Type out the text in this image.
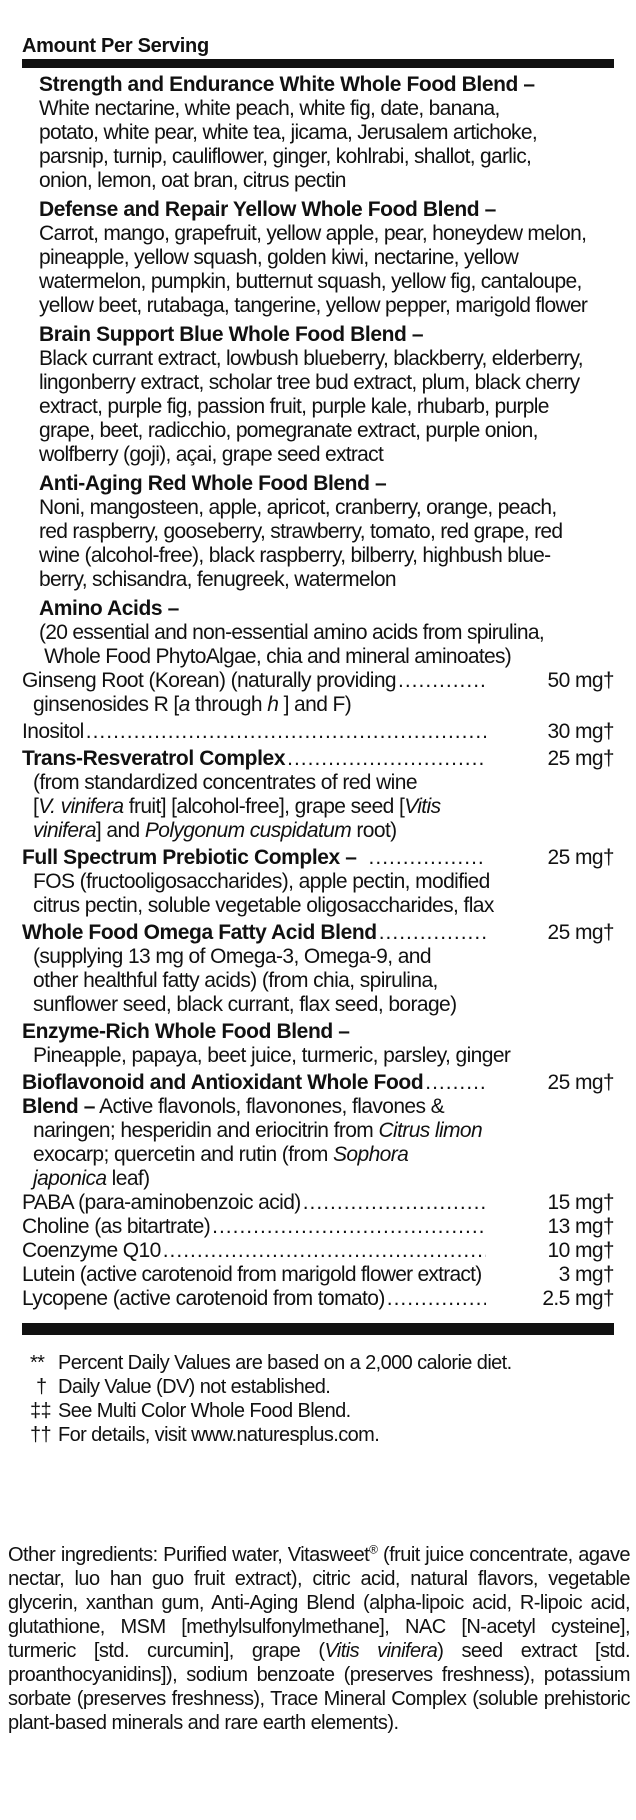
Amount Per Serving
Strength and Endurance White Whole Food Blend –
White nectarine, white peach, white fig, date, banana,
potato, white pear, white tea, jicama, Jerusalem artichoke,
parsnip, turnip, cauliflower, ginger, kohlrabi, shallot, garlic,
onion, lemon, oat bran, citrus pectin
Defense and Repair Yellow Whole Food Blend –
Carrot, mango, grapefruit, yellow apple, pear, honeydew melon,
pineapple, yellow squash, golden kiwi, nectarine, yellow
watermelon, pumpkin, butternut squash, yellow fig, cantaloupe,
yellow beet, rutabaga, tangerine, yellow pepper, marigold flower
Brain Support Blue Whole Food Blend –
Black currant extract, lowbush blueberry, blackberry, elderberry,
lingonberry extract, scholar tree bud extract, plum, black cherry
extract, purple fig, passion fruit, purple kale, rhubarb, purple
grape, beet, radicchio, pomegranate extract, purple onion,
wolfberry (goji), açai, grape seed extract
Anti-Aging Red Whole Food Blend –
Noni, mangosteen, apple, apricot, cranberry, orange, peach,
red raspberry, gooseberry, strawberry, tomato, red grape, red
wine (alcohol-free), black raspberry, bilberry, highbush blue-
berry, schisandra, fenugreek, watermelon
Amino Acids –
(20 essential and non-essential amino acids from spirulina,
Whole Food PhytoAlgae, chia and mineral aminoates)
Ginseng Root (Korean) (naturally providing .....	50 mg†
ginsenosides R [a through h ] and F)
Inositol .....	30 mg†
Trans-Resveratrol Complex .....	25 mg†
(from standardized concentrates of red wine
[V. vinifera fruit] [alcohol-free], grape seed [Vitis
vinifera] and Polygonum cuspidatum root)
Full Spectrum Prebiotic Complex – .....	25 mg†
FOS (fructooligosaccharides), apple pectin, modified
citrus pectin, soluble vegetable oligosaccharides, flax
Whole Food Omega Fatty Acid Blend .....	25 mg†
(supplying 13 mg of Omega-3, Omega-9, and
other healthful fatty acids) (from chia, spirulina,
sunflower seed, black currant, flax seed, borage)
Enzyme-Rich Whole Food Blend –
Pineapple, papaya, beet juice, turmeric, parsley, ginger
Bioflavonoid and Antioxidant Whole Food .....	25 mg†
Blend – Active flavonols, flavonones, flavones &
naringen; hesperidin and eriocitrin from Citrus limon
exocarp; quercetin and rutin (from Sophora
japonica leaf)
PABA (para-aminobenzoic acid) .....	15 mg†
Choline (as bitartrate) .....	13 mg†
Coenzyme Q10 .....	10 mg†
Lutein (active carotenoid from marigold flower extract)	3 mg†
Lycopene (active carotenoid from tomato) .....	2.5 mg†
** Percent Daily Values are based on a 2,000 calorie diet.
† Daily Value (DV) not established.
‡‡ See Multi Color Whole Food Blend.
†† For details, visit www.naturesplus.com.
Other ingredients: Purified water, Vitasweet® (fruit juice concentrate, agave nectar, luo han guo fruit extract), citric acid, natural flavors, vegetable glycerin, xanthan gum, Anti-Aging Blend (alpha-lipoic acid, R-lipoic acid, glutathione, MSM [methylsulfonylmethane], NAC [N-acetyl cysteine], turmeric [std. curcumin], grape (Vitis vinifera) seed extract [std. proanthocyanidins]), sodium benzoate (preserves freshness), potassium sorbate (preserves freshness), Trace Mineral Complex (soluble prehistoric plant-based minerals and rare earth elements).
